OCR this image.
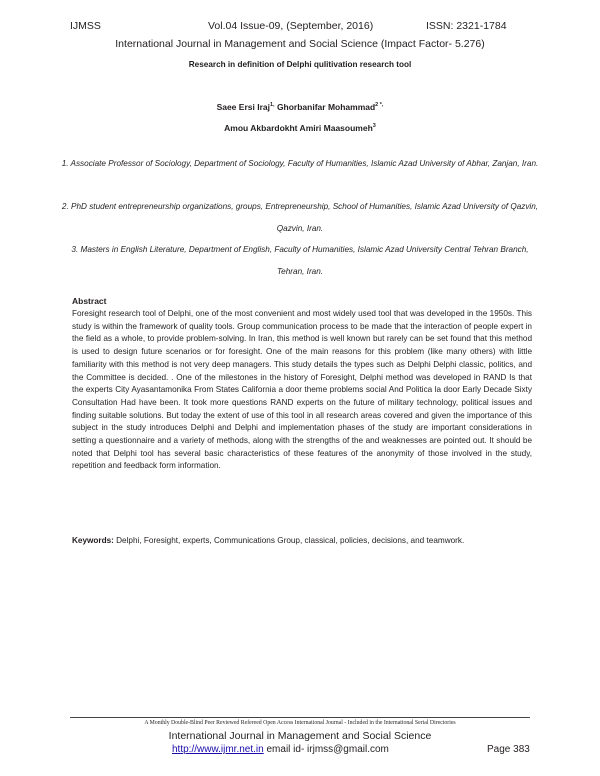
IJMSS	Vol.04 Issue-09, (September, 2016)	ISSN: 2321-1784
International Journal in Management and Social Science (Impact Factor- 5.276)
Research in definition of Delphi qulitivation research tool
Saee Ersi Iraj$^{1,}$ Ghorbanifar Mohammad$^{2 *,}$
Amou Akbardokht Amiri Maasoumeh$^3$
1. Associate Professor of Sociology, Department of Sociology, Faculty of Humanities, Islamic Azad University of Abhar, Zanjan, Iran.
2. PhD student entrepreneurship organizations, groups, Entrepreneurship, School of Humanities, Islamic Azad University of Qazvin, Qazvin, Iran.
3. Masters in English Literature, Department of English, Faculty of Humanities, Islamic Azad University Central Tehran Branch, Tehran, Iran.
Abstract
Foresight research tool of Delphi, one of the most convenient and most widely used tool that was developed in the 1950s. This study is within the framework of quality tools. Group communication process to be made that the interaction of people expert in the field as a whole, to provide problem-solving. In Iran, this method is well known but rarely can be set found that this method is used to design future scenarios or for foresight. One of the main reasons for this problem (like many others) with little familiarity with this method is not very deep managers. This study details the types such as Delphi Delphi classic, politics, and the Committee is decided. . One of the milestones in the history of Foresight, Delphi method was developed in RAND Is that the experts City Ayasantamonika From States California a door theme problems social And Politica la door Early Decade Sixty Consultation Had have been. It took more questions RAND experts on the future of military technology, political issues and finding suitable solutions. But today the extent of use of this tool in all research areas covered and given the importance of this subject in the study introduces Delphi and Delphi and implementation phases of the study are important considerations in setting a questionnaire and a variety of methods, along with the strengths of the and weaknesses are pointed out. It should be noted that Delphi tool has several basic characteristics of these features of the anonymity of those involved in the study, repetition and feedback form information.
Keywords: Delphi, Foresight, experts, Communications Group, classical, policies, decisions, and teamwork.
A Monthly Double-Blind Peer Reviewed Refereed Open Access International Journal - Included in the International Serial Directories
International Journal in Management and Social Science
http://www.ijmr.net.in email id- irjmss@gmail.com	Page 383
